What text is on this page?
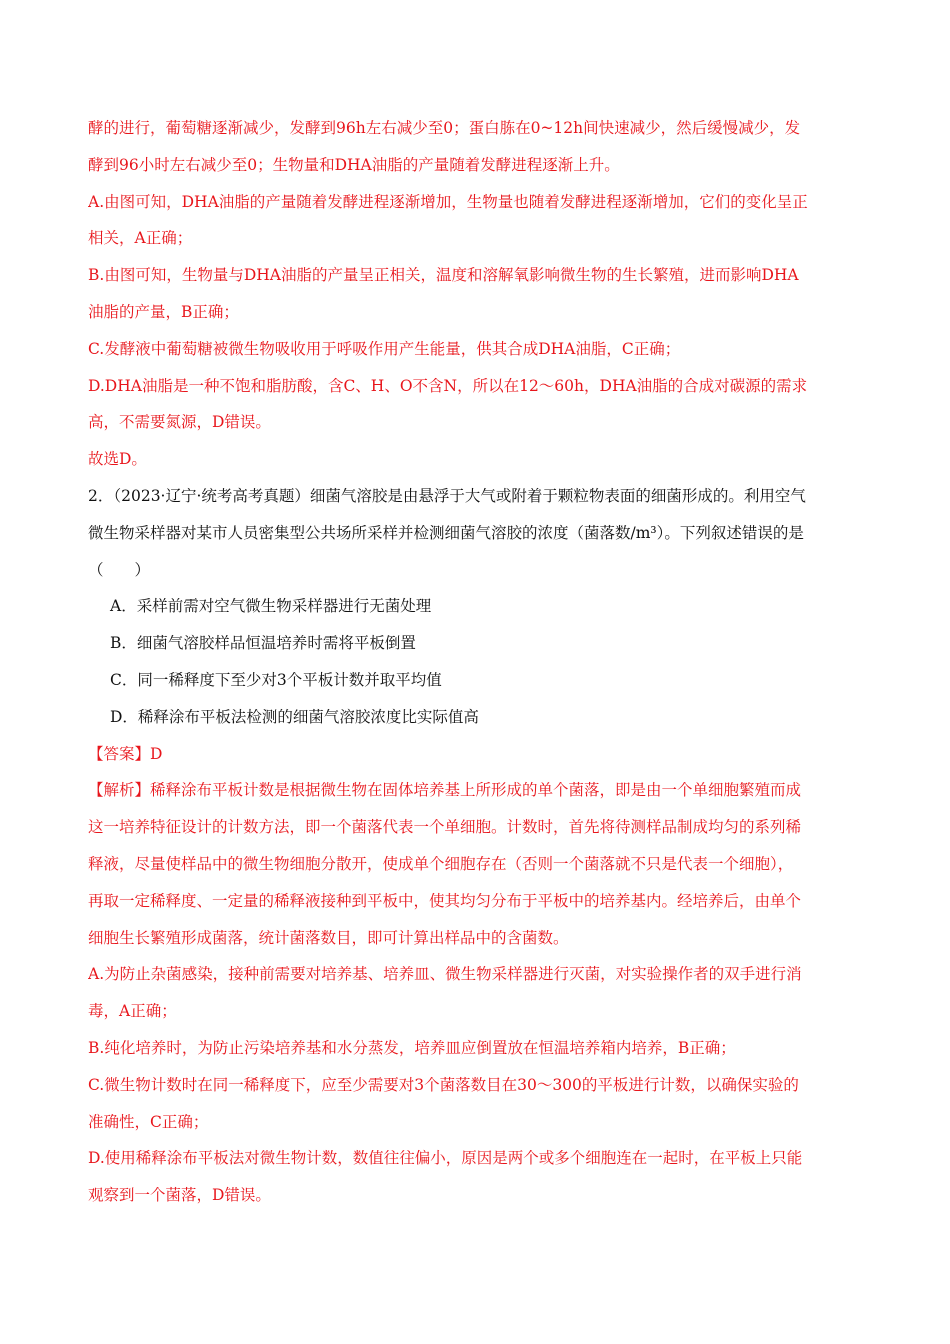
酵的进行，葡萄糖逐渐减少，发酵到96h左右减少至0；蛋白胨在0~12h间快速减少，然后缓慢减少，发
酵到96小时左右减少至0；生物量和DHA油脂的产量随着发酵进程逐渐上升。
A.由图可知，DHA油脂的产量随着发酵进程逐渐增加，生物量也随着发酵进程逐渐增加，它们的变化呈正
相关，A正确；
B.由图可知，生物量与DHA油脂的产量呈正相关，温度和溶解氧影响微生物的生长繁殖，进而影响DHA
油脂的产量，B正确；
C.发酵液中葡萄糖被微生物吸收用于呼吸作用产生能量，供其合成DHA油脂，C正确；
D.DHA油脂是一种不饱和脂肪酸，含C、H、O不含N，所以在12～60h，DHA油脂的合成对碳源的需求
高，不需要氮源，D错误。
故选D。
2．（2023·辽宁·统考高考真题）细菌气溶胶是由悬浮于大气或附着于颗粒物表面的细菌形成的。利用空气
微生物采样器对某市人员密集型公共场所采样并检测细菌气溶胶的浓度（菌落数/m³）。下列叙述错误的是
（　　）
A．采样前需对空气微生物采样器进行无菌处理
B．细菌气溶胶样品恒温培养时需将平板倒置
C．同一稀释度下至少对3个平板计数并取平均值
D．稀释涂布平板法检测的细菌气溶胶浓度比实际值高
【答案】D
【解析】稀释涂布平板计数是根据微生物在固体培养基上所形成的单个菌落，即是由一个单细胞繁殖而成
这一培养特征设计的计数方法，即一个菌落代表一个单细胞。计数时，首先将待测样品制成均匀的系列稀
释液，尽量使样品中的微生物细胞分散开，使成单个细胞存在（否则一个菌落就不只是代表一个细胞），
再取一定稀释度、一定量的稀释液接种到平板中，使其均匀分布于平板中的培养基内。经培养后，由单个
细胞生长繁殖形成菌落，统计菌落数目，即可计算出样品中的含菌数。
A.为防止杂菌感染，接种前需要对培养基、培养皿、微生物采样器进行灭菌，对实验操作者的双手进行消
毒，A正确；
B.纯化培养时，为防止污染培养基和水分蒸发，培养皿应倒置放在恒温培养箱内培养，B正确；
C.微生物计数时在同一稀释度下，应至少需要对3个菌落数目在30～300的平板进行计数，以确保实验的
准确性，C正确；
D.使用稀释涂布平板法对微生物计数，数值往往偏小，原因是两个或多个细胞连在一起时，在平板上只能
观察到一个菌落，D错误。
